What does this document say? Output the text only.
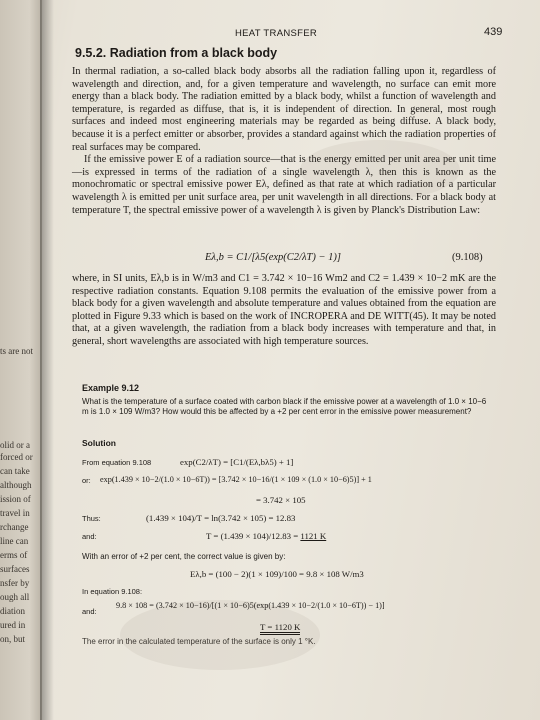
ts are not
olid or a
forced or
can take
although
ission of
travel in
rchange
line can
erms of
surfaces
nsfer by
ough all
diation
ured in
on, but
HEAT TRANSFER	439
9.5.2. Radiation from a black body

In thermal radiation, a so-called black body absorbs all the radiation falling upon it, regardless of wavelength and direction, and, for a given temperature and wavelength, no surface can emit more energy than a black body. The radiation emitted by a black body, whilst a function of wavelength and temperature, is regarded as diffuse, that is, it is independent of direction. In general, most rough surfaces and indeed most engineering materials may be regarded as being diffuse. A black body, because it is a perfect emitter or absorber, provides a standard against which the radiation properties of real surfaces may be compared.

If the emissive power E of a radiation source—that is the energy emitted per unit area per unit time—is expressed in terms of the radiation of a single wavelength λ, then this is known as the monochromatic or spectral emissive power Eλ, defined as that rate at which radiation of a particular wavelength λ is emitted per unit surface area, per unit wavelength in all directions. For a black body at temperature T, the spectral emissive power of a wavelength λ is given by Planck's Distribution Law:

Eλ,b = C1/[λ5(exp(C2/λT) − 1)]	(9.108)

where, in SI units, Eλ,b is in W/m3 and C1 = 3.742 × 10−16 Wm2 and C2 = 1.439 × 10−2 mK are the respective radiation constants. Equation 9.108 permits the evaluation of the emissive power from a black body for a given wavelength and absolute temperature and values obtained from the equation are plotted in Figure 9.33 which is based on the work of INCROPERA and DE WITT(45). It may be noted that, at a given wavelength, the radiation from a black body increases with temperature and that, in general, short wavelengths are associated with high temperature sources.

Example 9.12
What is the temperature of a surface coated with carbon black if the emissive power at a wavelength of 1.0 × 10−6 m is 1.0 × 109 W/m3? How would this be affected by a +2 per cent error in the emissive power measurement?
Solution
From equation 9.108	exp(C2/λT) = [C1/(Eλ,bλ5) + 1]
or: exp(1.439 × 10−2/(1.0 × 10−6T)) = [3.742 × 10−16/(1 × 109 × (1.0 × 10−6)5)] + 1
= 3.742 × 105
Thus:	(1.439 × 104)/T = ln(3.742 × 105) = 12.83
and:	T = (1.439 × 104)/12.83 = 1121 K
With an error of +2 per cent, the correct value is given by:
Eλ,b = (100 − 2)(1 × 109)/100 = 9.8 × 108 W/m3
In equation 9.108:
and:
9.8 × 108 = (3.742 × 10−16)/[(1 × 10−6)5(exp(1.439 × 10−2/(1.0 × 10−6T)) − 1)]
T = 1120 K
The error in the calculated temperature of the surface is only 1 °K.
